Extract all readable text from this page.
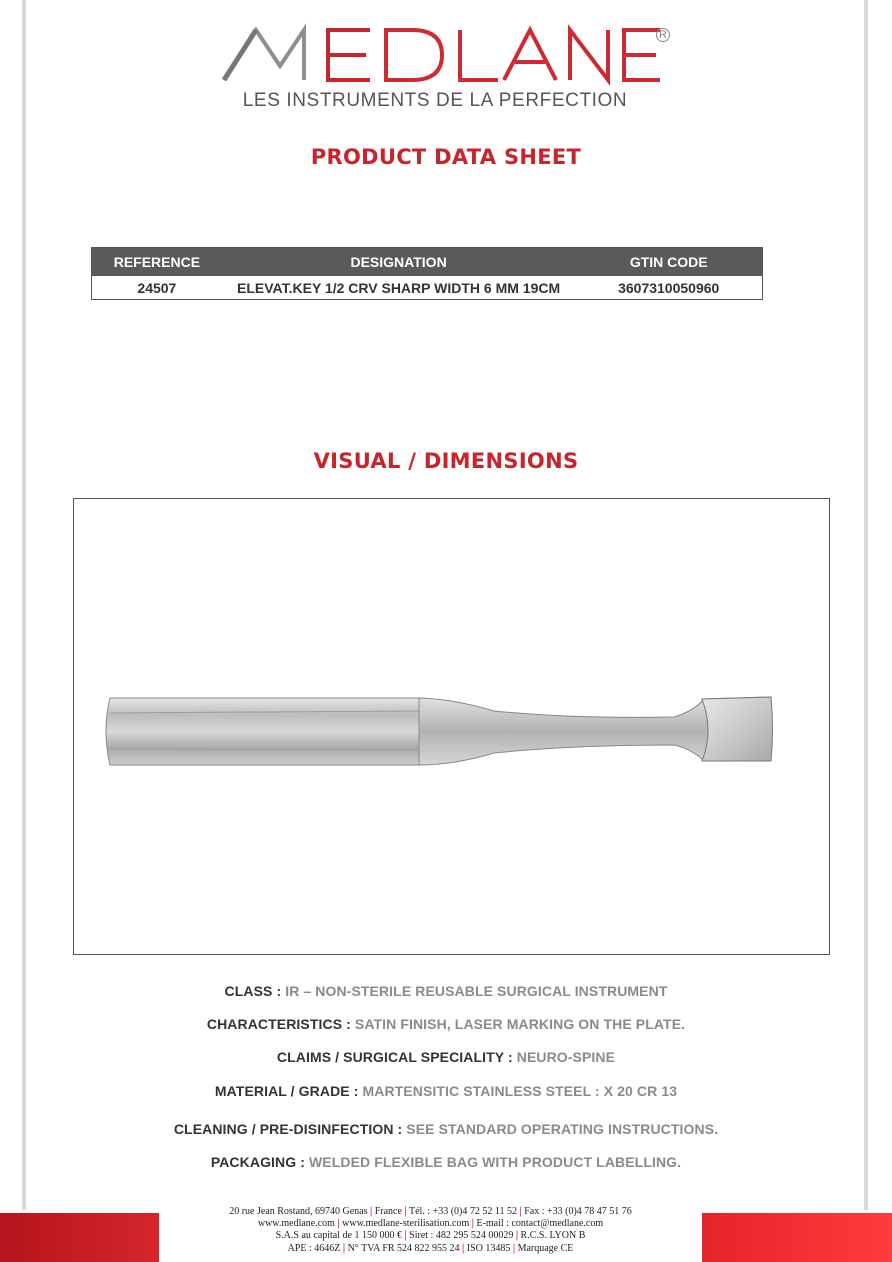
R
LES INSTRUMENTS DE LA PERFECTION
PRODUCT DATA SHEET
REFERENCE	DESIGNATION	GTIN CODE
24507	ELEVAT.KEY 1/2 CRV SHARP WIDTH 6 MM 19CM	3607310050960
VISUAL / DIMENSIONS
CLASS : IR – NON-STERILE REUSABLE SURGICAL INSTRUMENT
CHARACTERISTICS : SATIN FINISH, LASER MARKING ON THE PLATE.
CLAIMS / SURGICAL SPECIALITY : NEURO-SPINE
MATERIAL / GRADE : MARTENSITIC STAINLESS STEEL : X 20 CR 13
CLEANING / PRE-DISINFECTION : SEE STANDARD OPERATING INSTRUCTIONS.
PACKAGING : WELDED FLEXIBLE BAG WITH PRODUCT LABELLING.
20 rue Jean Rostand, 69740 Genas | France | Tél. : +33 (0)4 72 52 11 52 | Fax : +33 (0)4 78 47 51 76
www.medlane.com | www.medlane-sterilisation.com | E-mail : contact@medlane.com
S.A.S au capital de 1 150 000 € | Siret : 482 295 524 00029 | R.C.S. LYON B
APE : 4646Z | N° TVA FR 524 822 955 24 | ISO 13485 | Marquage CE
